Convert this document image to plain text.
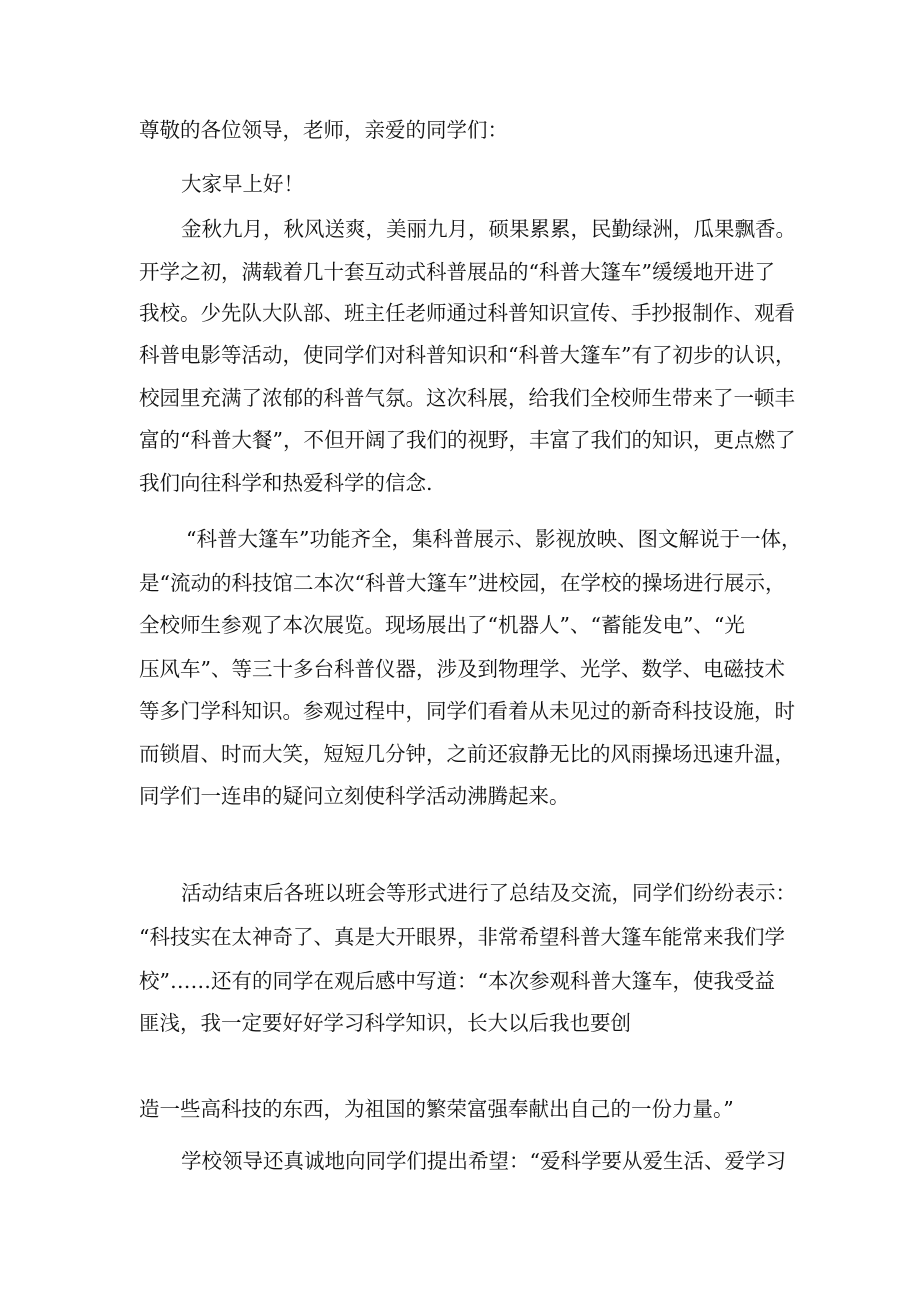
尊敬的各位领导，老师，亲爱的同学们：

大家早上好！

金秋九月，秋风送爽，美丽九月，硕果累累，民勤绿洲，瓜果飘香。

开学之初，满载着几十套互动式科普展品的“科普大篷车”缓缓地开进了

我校。少先队大队部、班主任老师通过科普知识宣传、手抄报制作、观看

科普电影等活动，使同学们对科普知识和“科普大篷车”有了初步的认识，

校园里充满了浓郁的科普气氛。这次科展，给我们全校师生带来了一顿丰

富的“科普大餐”，不但开阔了我们的视野，丰富了我们的知识，更点燃了

我们向往科学和热爱科学的信念.

“科普大篷车”功能齐全，集科普展示、影视放映、图文解说于一体，

是“流动的科技馆二本次“科普大篷车”进校园，在学校的操场进行展示，

全校师生参观了本次展览。现场展出了“机器人”、“蓄能发电”、“光

压风车”、等三十多台科普仪器，涉及到物理学、光学、数学、电磁技术

等多门学科知识。参观过程中，同学们看着从未见过的新奇科技设施，时

而锁眉、时而大笑，短短几分钟，之前还寂静无比的风雨操场迅速升温，

同学们一连串的疑问立刻使科学活动沸腾起来。

活动结束后各班以班会等形式进行了总结及交流，同学们纷纷表示：

“科技实在太神奇了、真是大开眼界，非常希望科普大篷车能常来我们学

校”……还有的同学在观后感中写道：“本次参观科普大篷车，使我受益

匪浅，我一定要好好学习科学知识，长大以后我也要创

造一些高科技的东西，为祖国的繁荣富强奉献出自己的一份力量。”

学校领导还真诚地向同学们提出希望：“爱科学要从爱生活、爱学习
